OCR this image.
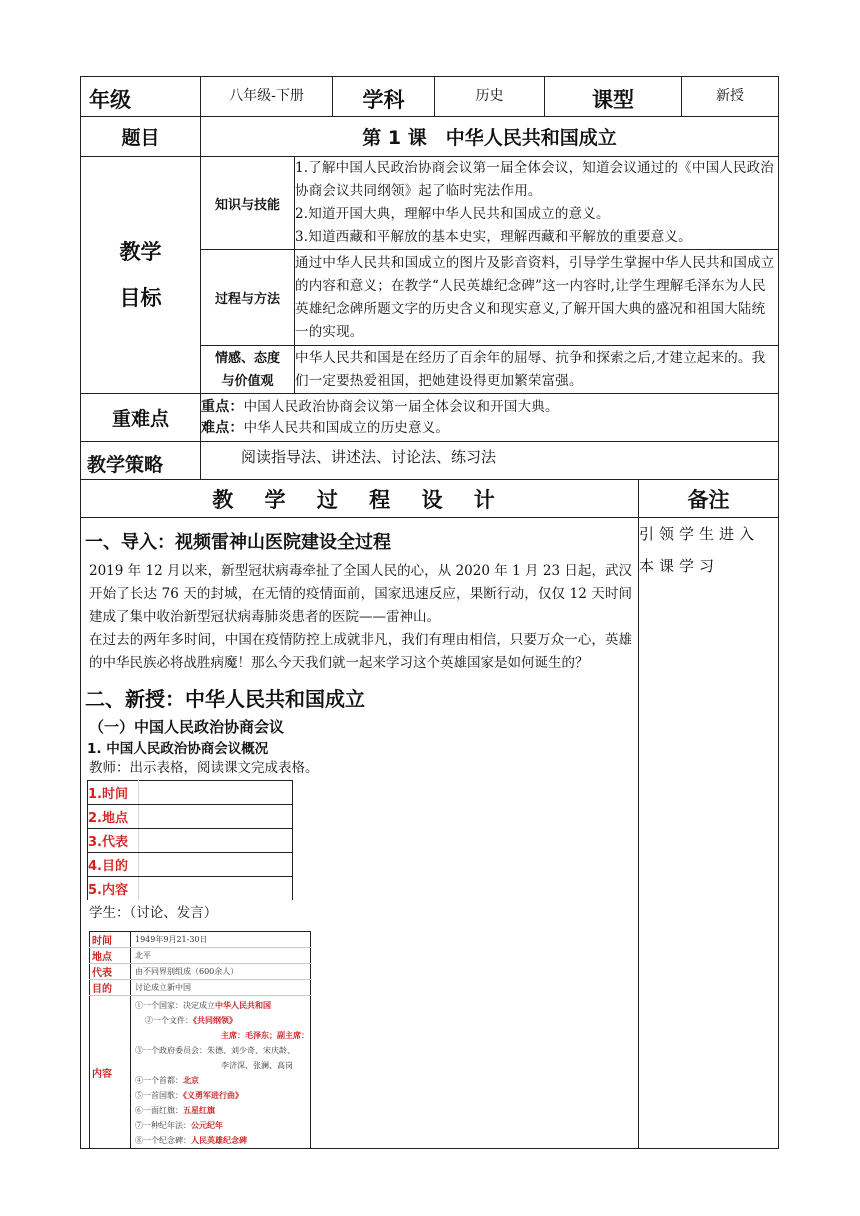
年级	八年级-下册	学科	历史	课型	新授
题目	第 1 课　中华人民共和国成立

教学
目标
	知识与技能	1.了解中国人民政治协商会议第一届全体会议，知道会议通过的《中国人民政治协商会议共同纲领》起了临时宪法作用。
2.知道开国大典，理解中华人民共和国成立的意义。
3.知道西藏和平解放的基本史实，理解西藏和平解放的重要意义。
过程与方法	通过中华人民共和国成立的图片及影音资料，引导学生掌握中华人民共和国成立的内容和意义；在教学“人民英雄纪念碑”这一内容时,让学生理解毛泽东为人民英雄纪念碑所题文字的历史含义和现实意义,了解开国大典的盛况和祖国大陆统一的实现。

情感、态度
与价值观
	中华人民共和国是在经历了百余年的屈辱、抗争和探索之后,才建立起来的。我们一定要热爱祖国，把她建设得更加繁荣富强。
重难点	
重点：中国人民政治协商会议第一届全体会议和开国大典。
难点：中华人民共和国成立的历史意义。

教学策略	阅读指导法、讲述法、讨论法、练习法
教 学 过 程 设 计	备注

一、导入：视频雷神山医院建设全过程
2019 年 12 月以来，新型冠状病毒牵扯了全国人民的心，从 2020 年 1 月 23 日起，武汉开始了长达 76 天的封城，在无情的疫情面前，国家迅速反应，果断行动，仅仅 12 天时间建成了集中收治新型冠状病毒肺炎患者的医院——雷神山。
在过去的两年多时间，中国在疫情防控上成就非凡，我们有理由相信，只要万众一心，英雄的中华民族必将战胜病魔！那么今天我们就一起来学习这个英雄国家是如何诞生的？
二、新授：中华人民共和国成立
（一）中国人民政治协商会议
1. 中国人民政治协商会议概况
教师：出示表格，阅读课文完成表格。
1.时间	
2.地点	
3.代表	
4.目的	
5.内容	
学生：（讨论、发言）
时间	1949年9月21-30日
地点	北平
代表	由不同界别组成（600余人）
目的	讨论成立新中国
内容	
①一个国家：决定成立中华人民共和国
②一个文件：《共同纲领》
主席：毛泽东；副主席：
③一个政府委员会：朱德、刘少奇、宋庆龄、
李济深、张澜、高岗
④一个首都：北京
⑤一首国歌：《义勇军进行曲》
⑥一面红旗：五星红旗
⑦一种纪年法：公元纪年
⑧一个纪念碑：人民英雄纪念碑
	引领学生进入本课学习
